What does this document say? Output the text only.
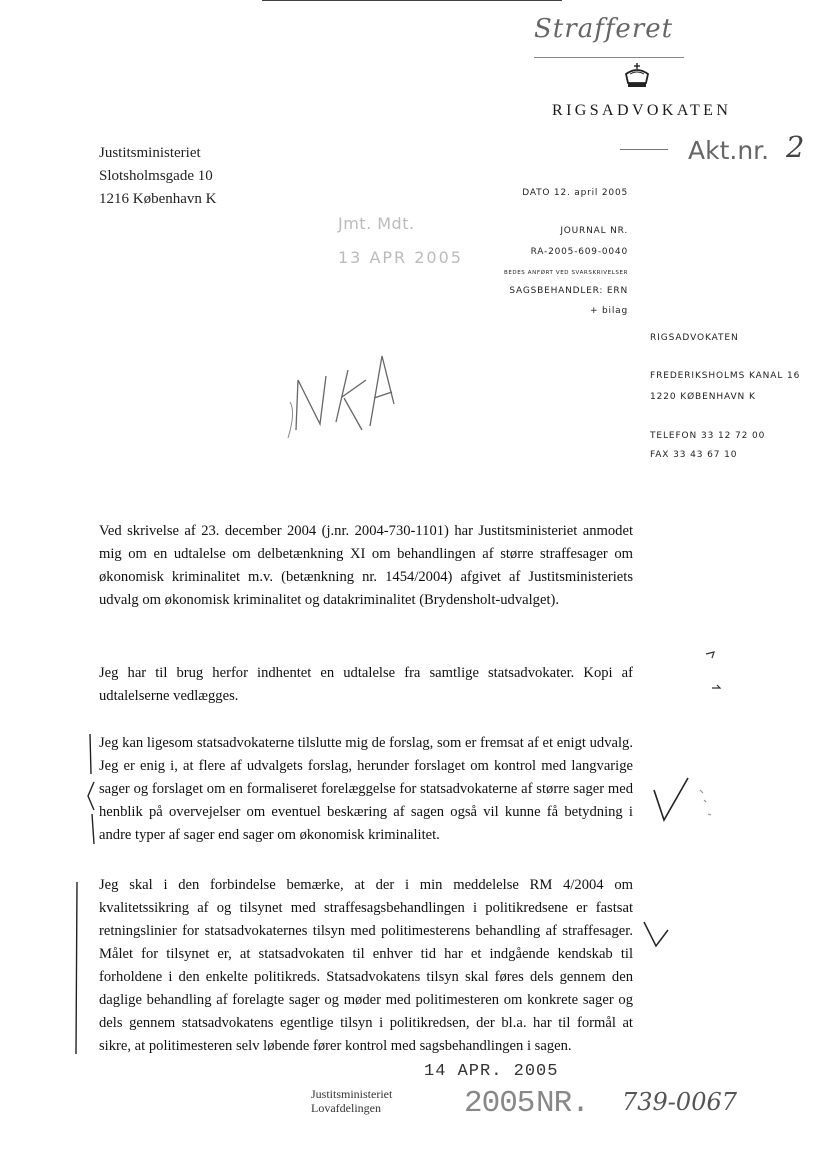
Strafferet
RIGSADVOKATEN
Akt.nr. 2
Justitsministeriet
Slotsholmsgade 10
1216 København K
Jmt. Mdt.
13 APR 2005
DATO 12. april 2005
JOURNAL NR.
RA-2005-609-0040
BEDES ANFØRT VED SVARSKRIVELSER
SAGSBEHANDLER: ERN
+ bilag
RIGSADVOKATEN
FREDERIKSHOLMS KANAL 16
1220 KØBENHAVN K
TELEFON 33 12 72 00
FAX 33 43 67 10
Ved skrivelse af 23. december 2004 (j.nr. 2004-730-1101) har Justitsministeriet anmodet mig om en udtalelse om delbetænkning XI om behandlingen af større straffesager om økonomisk kriminalitet m.v. (betænkning nr. 1454/2004) afgivet af Justitsministeriets udvalg om økonomisk kriminalitet og datakriminalitet (Brydensholt-udvalget).
Jeg har til brug herfor indhentet en udtalelse fra samtlige statsadvokater. Kopi af udtalelserne vedlægges.
Jeg kan ligesom statsadvokaterne tilslutte mig de forslag, som er fremsat af et enigt udvalg. Jeg er enig i, at flere af udvalgets forslag, herunder forslaget om kontrol med langvarige sager og forslaget om en formaliseret forelæggelse for statsadvokaterne af større sager med henblik på overvejelser om eventuel beskæring af sagen også vil kunne få betydning i andre typer af sager end sager om økonomisk kriminalitet.
Jeg skal i den forbindelse bemærke, at der i min meddelelse RM 4/2004 om kvalitetssikring af og tilsynet med straffesagsbehandlingen i politikredsene er fastsat retningslinier for statsadvokaternes tilsyn med politimesterens behandling af straffesager. Målet for tilsynet er, at statsadvokaten til enhver tid har et indgående kendskab til forholdene i den enkelte politikreds. Statsadvokatens tilsyn skal føres dels gennem den daglige behandling af forelagte sager og møder med politimesteren om konkrete sager og dels gennem statsadvokatens egentlige tilsyn i politikredsen, der bl.a. har til formål at sikre, at politimesteren selv løbende fører kontrol med sagsbehandlingen i sagen.
14 APR. 2005
Justitsministeriet
Lovafdelingen	2005 NR. 739-0067
